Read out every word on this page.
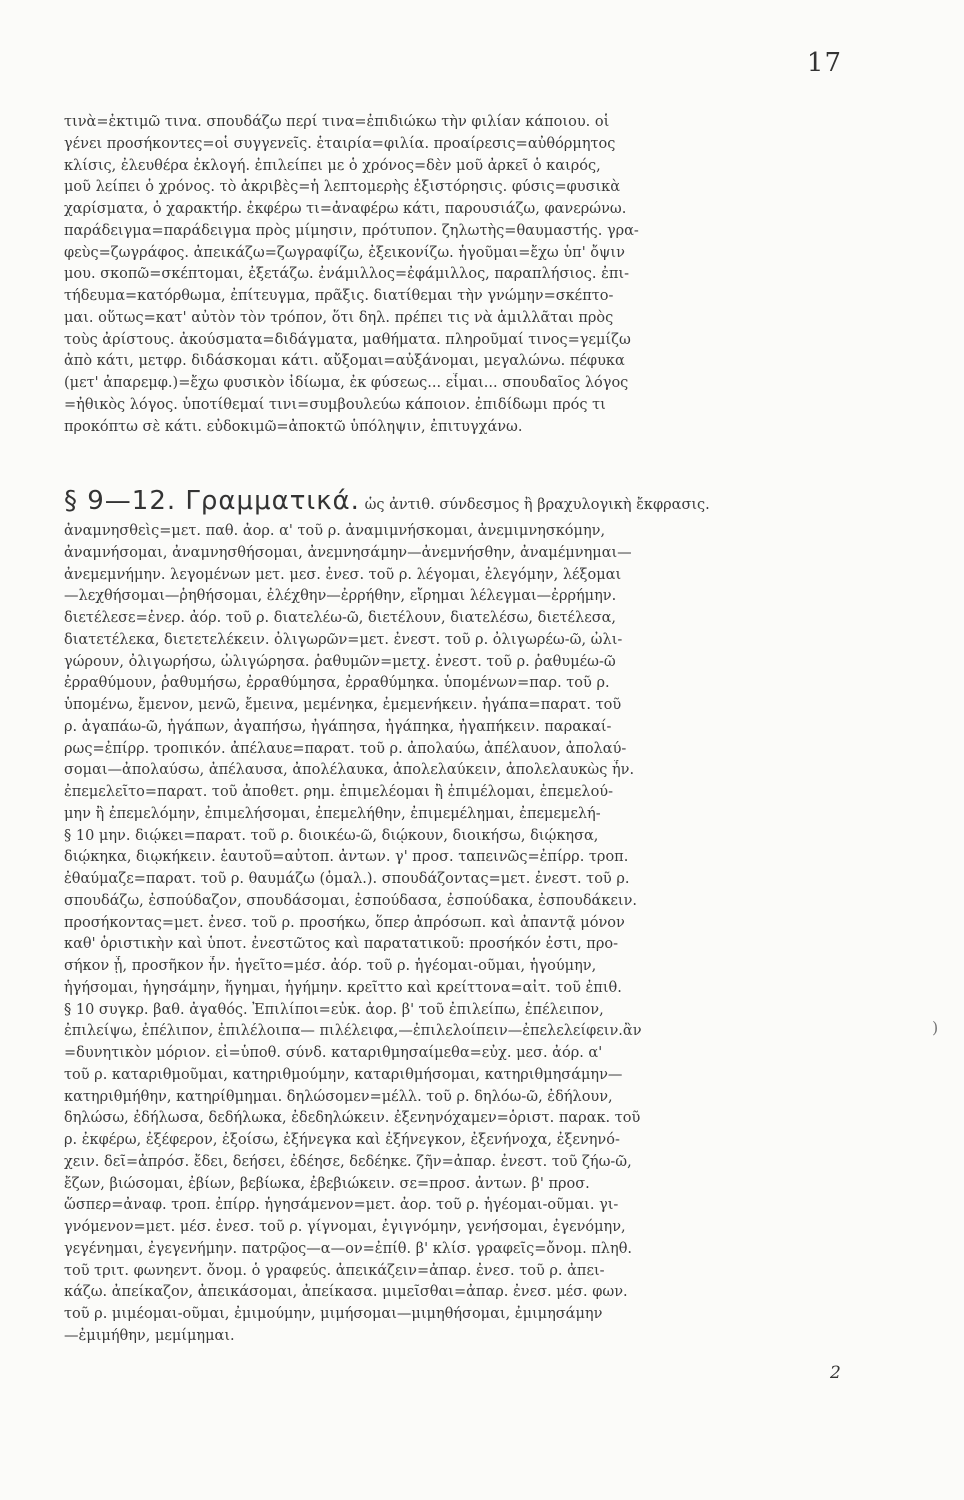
17
τινὰ=ἐκτιμῶ τινα. σπουδάζω περί τινα=ἐπιδιώκω τὴν φιλίαν κάποιου. οἱ
γένει προσήκοντες=οἱ συγγενεῖς. ἑταιρία=φιλία. προαίρεσις=αὐθόρμητος
κλίσις, ἐλευθέρα ἐκλογή. ἐπιλείπει με ὁ χρόνος=δὲν μοῦ ἀρκεῖ ὁ καιρός,
μοῦ λείπει ὁ χρόνος. τὸ ἀκριβὲς=ἡ λεπτομερὴς ἐξιστόρησις. φύσις=φυσικὰ
χαρίσματα, ὁ χαρακτήρ. ἐκφέρω τι=ἀναφέρω κάτι, παρουσιάζω, φανερώνω.
παράδειγμα=παράδειγμα πρὸς μίμησιν, πρότυπον. ζηλωτὴς=θαυμαστής. γρα-
φεὺς=ζωγράφος. ἀπεικάζω=ζωγραφίζω, ἐξεικονίζω. ἡγοῦμαι=ἔχω ὑπ' ὄψιν
μου. σκοπῶ=σκέπτομαι, ἐξετάζω. ἐνάμιλλος=ἐφάμιλλος, παραπλήσιος. ἐπι-
τήδευμα=κατόρθωμα, ἐπίτευγμα, πρᾶξις. διατίθεμαι τὴν γνώμην=σκέπτο-
μαι. οὕτως=κατ' αὐτὸν τὸν τρόπον, ὅτι δηλ. πρέπει τις νὰ ἁμιλλᾶται πρὸς
τοὺς ἀρίστους. ἀκούσματα=διδάγματα, μαθήματα. πληροῦμαί τινος=γεμίζω
ἀπὸ κάτι, μετφρ. διδάσκομαι κάτι. αὔξομαι=αὐξάνομαι, μεγαλώνω. πέφυκα
(μετ' ἀπαρεμφ.)=ἔχω φυσικὸν ἰδίωμα, ἐκ φύσεως... εἶμαι... σπουδαῖος λόγος
=ἠθικὸς λόγος. ὑποτίθεμαί τινι=συμβουλεύω κάποιον. ἐπιδίδωμι πρός τι
προκόπτω σὲ κάτι. εὐδοκιμῶ=ἀποκτῶ ὑπόληψιν, ἐπιτυγχάνω.
§ 9—12. Γραμματικά. ὡς ἀντιθ. σύνδεσμος ἢ βραχυλογικὴ ἔκφρασις.
ἀναμνησθεὶς=μετ. παθ. ἀορ. α' τοῦ ρ. ἀναμιμνήσκομαι, ἀνεμιμνησκόμην,
ἀναμνήσομαι, ἀναμνησθήσομαι, ἀνεμνησάμην—ἀνεμνήσθην, ἀναμέμνημαι—
ἀνεμεμνήμην. λεγομένων μετ. μεσ. ἐνεσ. τοῦ ρ. λέγομαι, ἐλεγόμην, λέξομαι
—λεχθήσομαι—ῥηθήσομαι, ἐλέχθην—ἐρρήθην, εἴρημαι λέλεγμαι—ἐρρήμην.
διετέλεσε=ἐνερ. ἀόρ. τοῦ ρ. διατελέω-ῶ, διετέλουν, διατελέσω, διετέλεσα,
διατετέλεκα, διετετελέκειν. ὀλιγωρῶν=μετ. ἐνεστ. τοῦ ρ. ὀλιγωρέω-ῶ, ὠλι-
γώρουν, ὀλιγωρήσω, ὠλιγώρησα. ῥαθυμῶν=μετχ. ἐνεστ. τοῦ ρ. ῥαθυμέω-ῶ
ἐρραθύμουν, ῥαθυμήσω, ἐρραθύμησα, ἐρραθύμηκα. ὑπομένων=παρ. τοῦ ρ.
ὑπομένω, ἔμενον, μενῶ, ἔμεινα, μεμένηκα, ἐμεμενήκειν. ἠγάπα=παρατ. τοῦ
ρ. ἀγαπάω-ῶ, ἠγάπων, ἀγαπήσω, ἠγάπησα, ἠγάπηκα, ἠγαπήκειν. παρακαί-
ρως=ἐπίρρ. τροπικόν. ἀπέλαυε=παρατ. τοῦ ρ. ἀπολαύω, ἀπέλαυον, ἀπολαύ-
σομαι—ἀπολαύσω, ἀπέλαυσα, ἀπολέλαυκα, ἀπολελαύκειν, ἀπολελαυκὼς ἦν.
ἐπεμελεῖτο=παρατ. τοῦ ἀποθετ. ρημ. ἐπιμελέομαι ἢ ἐπιμέλομαι, ἐπεμελού-
μην ἢ ἐπεμελόμην, ἐπιμελήσομαι, ἐπεμελήθην, ἐπιμεμέλημαι, ἐπεμεμελή-
§ 10 μην. διῴκει=παρατ. τοῦ ρ. διοικέω-ῶ, διῴκουν, διοικήσω, διῴκησα,
διῴκηκα, διῳκήκειν. ἑαυτοῦ=αὐτοπ. ἀντων. γ' προσ. ταπεινῶς=ἐπίρρ. τροπ.
ἐθαύμαζε=παρατ. τοῦ ρ. θαυμάζω (ὁμαλ.). σπουδάζοντας=μετ. ἐνεστ. τοῦ ρ.
σπουδάζω, ἐσπούδαζον, σπουδάσομαι, ἐσπούδασα, ἐσπούδακα, ἐσπουδάκειν.
προσήκοντας=μετ. ἐνεσ. τοῦ ρ. προσήκω, ὅπερ ἀπρόσωπ. καὶ ἀπαντᾷ μόνον
καθ' ὁριστικὴν καὶ ὑποτ. ἐνεστῶτος καὶ παρατατικοῦ: προσήκόν ἐστι, προ-
σήκον ᾖ, προσῆκον ἦν. ἡγεῖτο=μέσ. ἀόρ. τοῦ ρ. ἡγέομαι-οῦμαι, ἡγούμην,
ἡγήσομαι, ἡγησάμην, ἥγημαι, ἡγήμην. κρεῖττο καὶ κρείττονα=αἰτ. τοῦ ἐπιθ.
§ 10 συγκρ. βαθ. ἀγαθός. Ἐπιλίποι=εὐκ. ἀορ. β' τοῦ ἐπιλείπω, ἐπέλειπον,
ἐπιλείψω, ἐπέλιπον, ἐπιλέλοιπα— πιλέλειφα,—ἐπιλελοίπειν—ἐπελελείφειν.ἂν
=δυνητικὸν μόριον. εἰ=ὑποθ. σύνδ. καταριθμησαίμεθα=εὐχ. μεσ. ἀόρ. α'
τοῦ ρ. καταριθμοῦμαι, κατηριθμούμην, καταριθμήσομαι, κατηριθμησάμην—
κατηριθμήθην, κατηρίθμημαι. δηλώσομεν=μέλλ. τοῦ ρ. δηλόω-ῶ, ἐδήλουν,
δηλώσω, ἐδήλωσα, δεδήλωκα, ἐδεδηλώκειν. ἐξενηνόχαμεν=ὁριστ. παρακ. τοῦ
ρ. ἐκφέρω, ἐξέφερον, ἐξοίσω, ἐξήνεγκα καὶ ἐξήνεγκον, ἐξενήνοχα, ἐξενηνό-
χειν. δεῖ=ἀπρόσ. ἔδει, δεήσει, ἐδέησε, δεδέηκε. ζῆν=ἀπαρ. ἐνεστ. τοῦ ζήω-ῶ,
ἔζων, βιώσομαι, ἐβίων, βεβίωκα, ἐβεβιώκειν. σε=προσ. ἀντων. β' προσ.
ὥσπερ=ἀναφ. τροπ. ἐπίρρ. ἡγησάμενον=μετ. ἀορ. τοῦ ρ. ἡγέομαι-οῦμαι. γι-
γνόμενον=μετ. μέσ. ἐνεσ. τοῦ ρ. γίγνομαι, ἐγιγνόμην, γενήσομαι, ἐγενόμην,
γεγένημαι, ἐγεγενήμην. πατρῷος—α—ον=ἐπίθ. β' κλίσ. γραφεῖς=ὄνομ. πληθ.
τοῦ τριτ. φωνηεντ. ὄνομ. ὁ γραφεύς. ἀπεικάζειν=ἀπαρ. ἐνεσ. τοῦ ρ. ἀπει-
κάζω. ἀπείκαζον, ἀπεικάσομαι, ἀπείκασα. μιμεῖσθαι=ἀπαρ. ἐνεσ. μέσ. φων.
τοῦ ρ. μιμέομαι-οῦμαι, ἐμιμούμην, μιμήσομαι—μιμηθήσομαι, ἐμιμησάμην
—ἐμιμήθην, μεμίμημαι.
)
2
